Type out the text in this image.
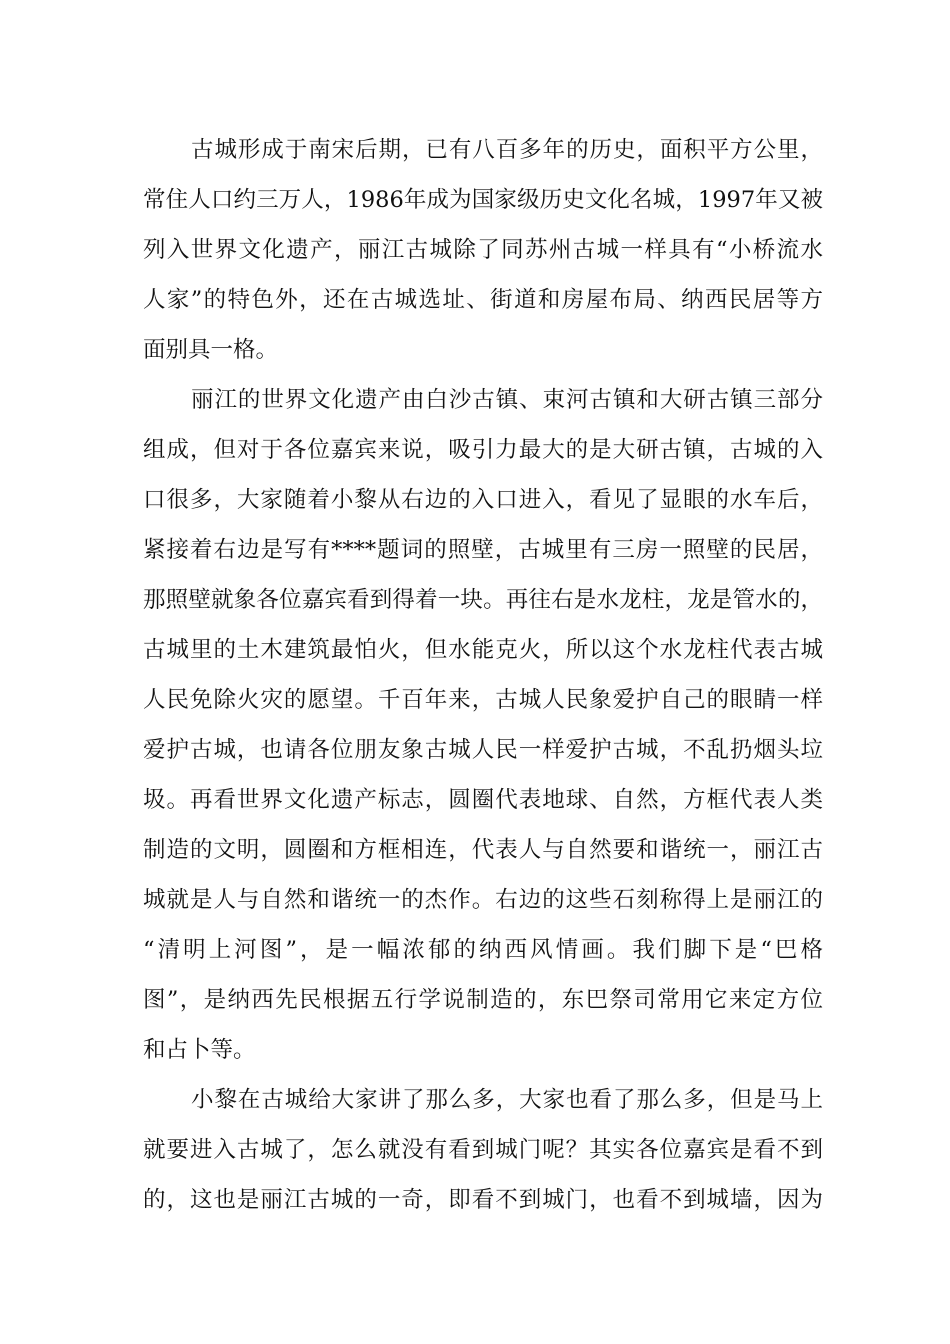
古城形成于南宋后期，已有八百多年的历史，面积平方公里，
常住人口约三万人，1986年成为国家级历史文化名城，1997年又被
列入世界文化遗产，丽江古城除了同苏州古城一样具有“小桥流水
人家”的特色外，还在古城选址、街道和房屋布局、纳西民居等方
面别具一格。
丽江的世界文化遗产由白沙古镇、束河古镇和大研古镇三部分
组成，但对于各位嘉宾来说，吸引力最大的是大研古镇，古城的入
口很多，大家随着小黎从右边的入口进入，看见了显眼的水车后，
紧接着右边是写有****题词的照壁，古城里有三房一照壁的民居，
那照壁就象各位嘉宾看到得着一块。再往右是水龙柱，龙是管水的，
古城里的土木建筑最怕火，但水能克火，所以这个水龙柱代表古城
人民免除火灾的愿望。千百年来，古城人民象爱护自己的眼睛一样
爱护古城，也请各位朋友象古城人民一样爱护古城，不乱扔烟头垃
圾。再看世界文化遗产标志，圆圈代表地球、自然，方框代表人类
制造的文明，圆圈和方框相连，代表人与自然要和谐统一，丽江古
城就是人与自然和谐统一的杰作。右边的这些石刻称得上是丽江的
“清明上河图”，是一幅浓郁的纳西风情画。我们脚下是“巴格
图”，是纳西先民根据五行学说制造的，东巴祭司常用它来定方位
和占卜等。
小黎在古城给大家讲了那么多，大家也看了那么多，但是马上
就要进入古城了，怎么就没有看到城门呢？其实各位嘉宾是看不到
的，这也是丽江古城的一奇，即看不到城门，也看不到城墙，因为
